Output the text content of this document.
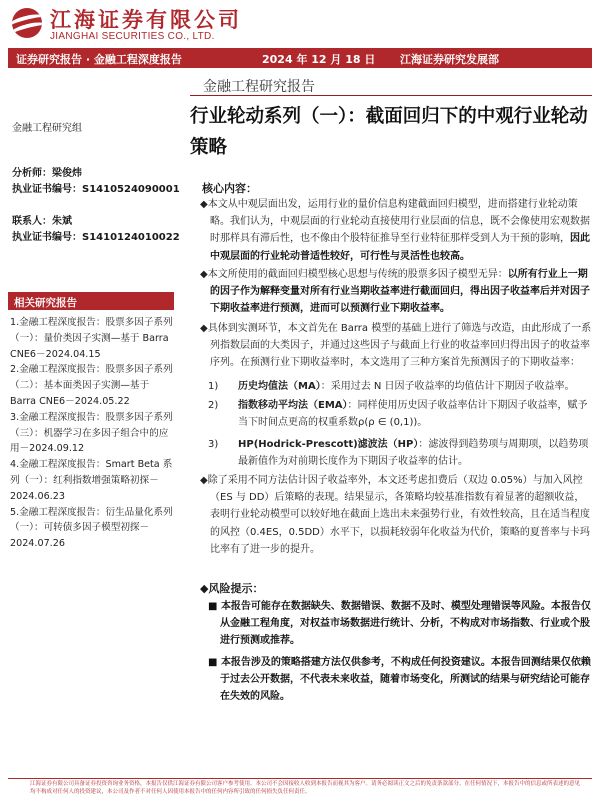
江海证券有限公司
JIANGHAI SECURITIES CO., LTD.
证券研究报告 · 金融工程深度报告	2024 年 12 月 18 日 江海证券研究发展部
金融工程研究报告
行业轮动系列（一）：截面回归下的中观行业轮动策略
金融工程研究组
分析师：梁俊炜
执业证书编号：S1410524090001
联系人：朱斌
执业证书编号：S1410124010022
相关研究报告

1.金融工程深度报告：股票多因子系列（一）：量价类因子实测—基于 Barra CNE6－2024.04.15

2.金融工程深度报告：股票多因子系列（二）：基本面类因子实测—基于 Barra CNE6－2024.05.22

3.金融工程深度报告：股票多因子系列（三）：机器学习在多因子组合中的应用－2024.09.12

4.金融工程深度报告：Smart Beta 系列（一）：红利指数增强策略初探－2024.06.23

5.金融工程深度报告：衍生品量化系列（一）：可转债多因子模型初探－2024.07.26

核心内容：

◆本文从中观层面出发，运用行业的量价信息构建截面回归模型，进而搭建行业轮动策略。我们认为，中观层面的行业轮动直接使用行业层面的信息，既不会像使用宏观数据时那样具有滞后性，也不像由个股特征推导至行业特征那样受到人为干预的影响，因此中观层面的行业轮动普适性较好，可行性与灵活性也较高。

◆本文所使用的截面回归模型核心思想与传统的股票多因子模型无异：以所有行业上一期的因子作为解释变量对所有行业当期收益率进行截面回归，得出因子收益率后并对因子下期收益率进行预测，进而可以预测行业下期收益率。

◆具体到实测环节，本文首先在 Barra 模型的基础上进行了筛选与改造，由此形成了一系列指数层面的大类因子，并通过这些因子与截面上行业的收益率回归得出因子的收益率序列。在预测行业下期收益率时，本文选用了三种方案首先预测因子的下期收益率：

1)	历史均值法（MA）：采用过去 N 日因子收益率的均值估计下期因子收益率。
2)	指数移动平均法（EMA）：同样使用历史因子收益率估计下期因子收益率，赋予当下时间点更高的权重系数ρ(ρ ∈ (0,1))。
3)	HP(Hodrick-Prescott)滤波法（HP）：滤波得到趋势项与周期项，以趋势项最新值作为对前期长度作为下期因子收益率的估计。

◆除了采用不同方法估计因子收益率外，本文还考虑扣费后（双边 0.05%）与加入风控（ES 与 DD）后策略的表现。结果显示，各策略均较基准指数有着显著的超额收益，表明行业轮动模型可以较好地在截面上选出未来强势行业，有效性较高，且在适当程度的风控（0.4ES，0.5DD）水平下，以损耗较弱年化收益为代价，策略的夏普率与卡玛比率有了进一步的提升。

◆风险提示：

■ 本报告可能存在数据缺失、数据错误、数据不及时、模型处理错误等风险。本报告仅从金融工程角度，对权益市场数据进行统计、分析，不构成对市场指数、行业或个股进行预测或推荐。

■ 本报告涉及的策略搭建方法仅供参考，不构成任何投资建议。本报告回测结果仅依赖于过去公开数据，不代表未来收益，随着市场变化，所测试的结果与研究结论可能存在失效的风险。

江海证券有限公司具备证券投资咨询业务资格，本报告仅供江海证券有限公司客户参考使用。本公司不会因接收人收到本报告而视其为客户。请务必阅读正文之后的免责条款部分。在任何情况下，本报告中的信息或所表述的意见均不构成对任何人的投资建议，本公司及作者不对任何人因使用本报告中的任何内容所引致的任何损失负任何责任。
